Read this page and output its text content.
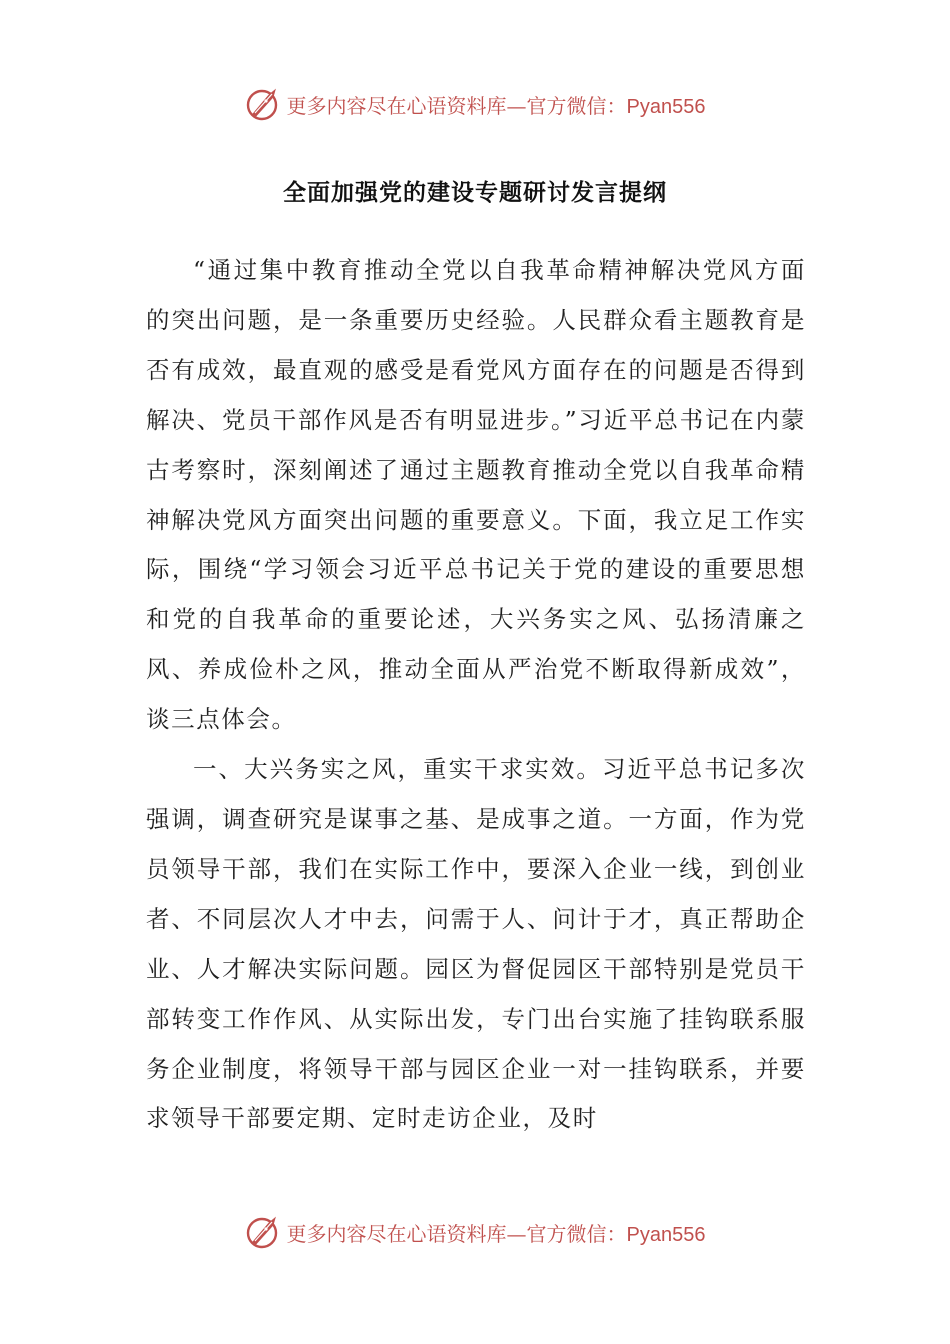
更多内容尽在心语资料库—官方微信：Pyan556
全面加强党的建设专题研讨发言提纲

“通过集中教育推动全党以自我革命精神解决党风方面的突出问题，是一条重要历史经验。人民群众看主题教育是否有成效，最直观的感受是看党风方面存在的问题是否得到解决、党员干部作风是否有明显进步。”习近平总书记在内蒙古考察时，深刻阐述了通过主题教育推动全党以自我革命精神解决党风方面突出问题的重要意义。下面，我立足工作实际，围绕“学习领会习近平总书记关于党的建设的重要思想和党的自我革命的重要论述，大兴务实之风、弘扬清廉之风、养成俭朴之风，推动全面从严治党不断取得新成效”，谈三点体会。

一、大兴务实之风，重实干求实效。习近平总书记多次强调，调查研究是谋事之基、是成事之道。一方面，作为党员领导干部，我们在实际工作中，要深入企业一线，到创业者、不同层次人才中去，问需于人、问计于才，真正帮助企业、人才解决实际问题。园区为督促园区干部特别是党员干部转变工作作风、从实际出发，专门出台实施了挂钩联系服务企业制度，将领导干部与园区企业一对一挂钩联系，并要求领导干部要定期、定时走访企业，及时

更多内容尽在心语资料库—官方微信：Pyan556
